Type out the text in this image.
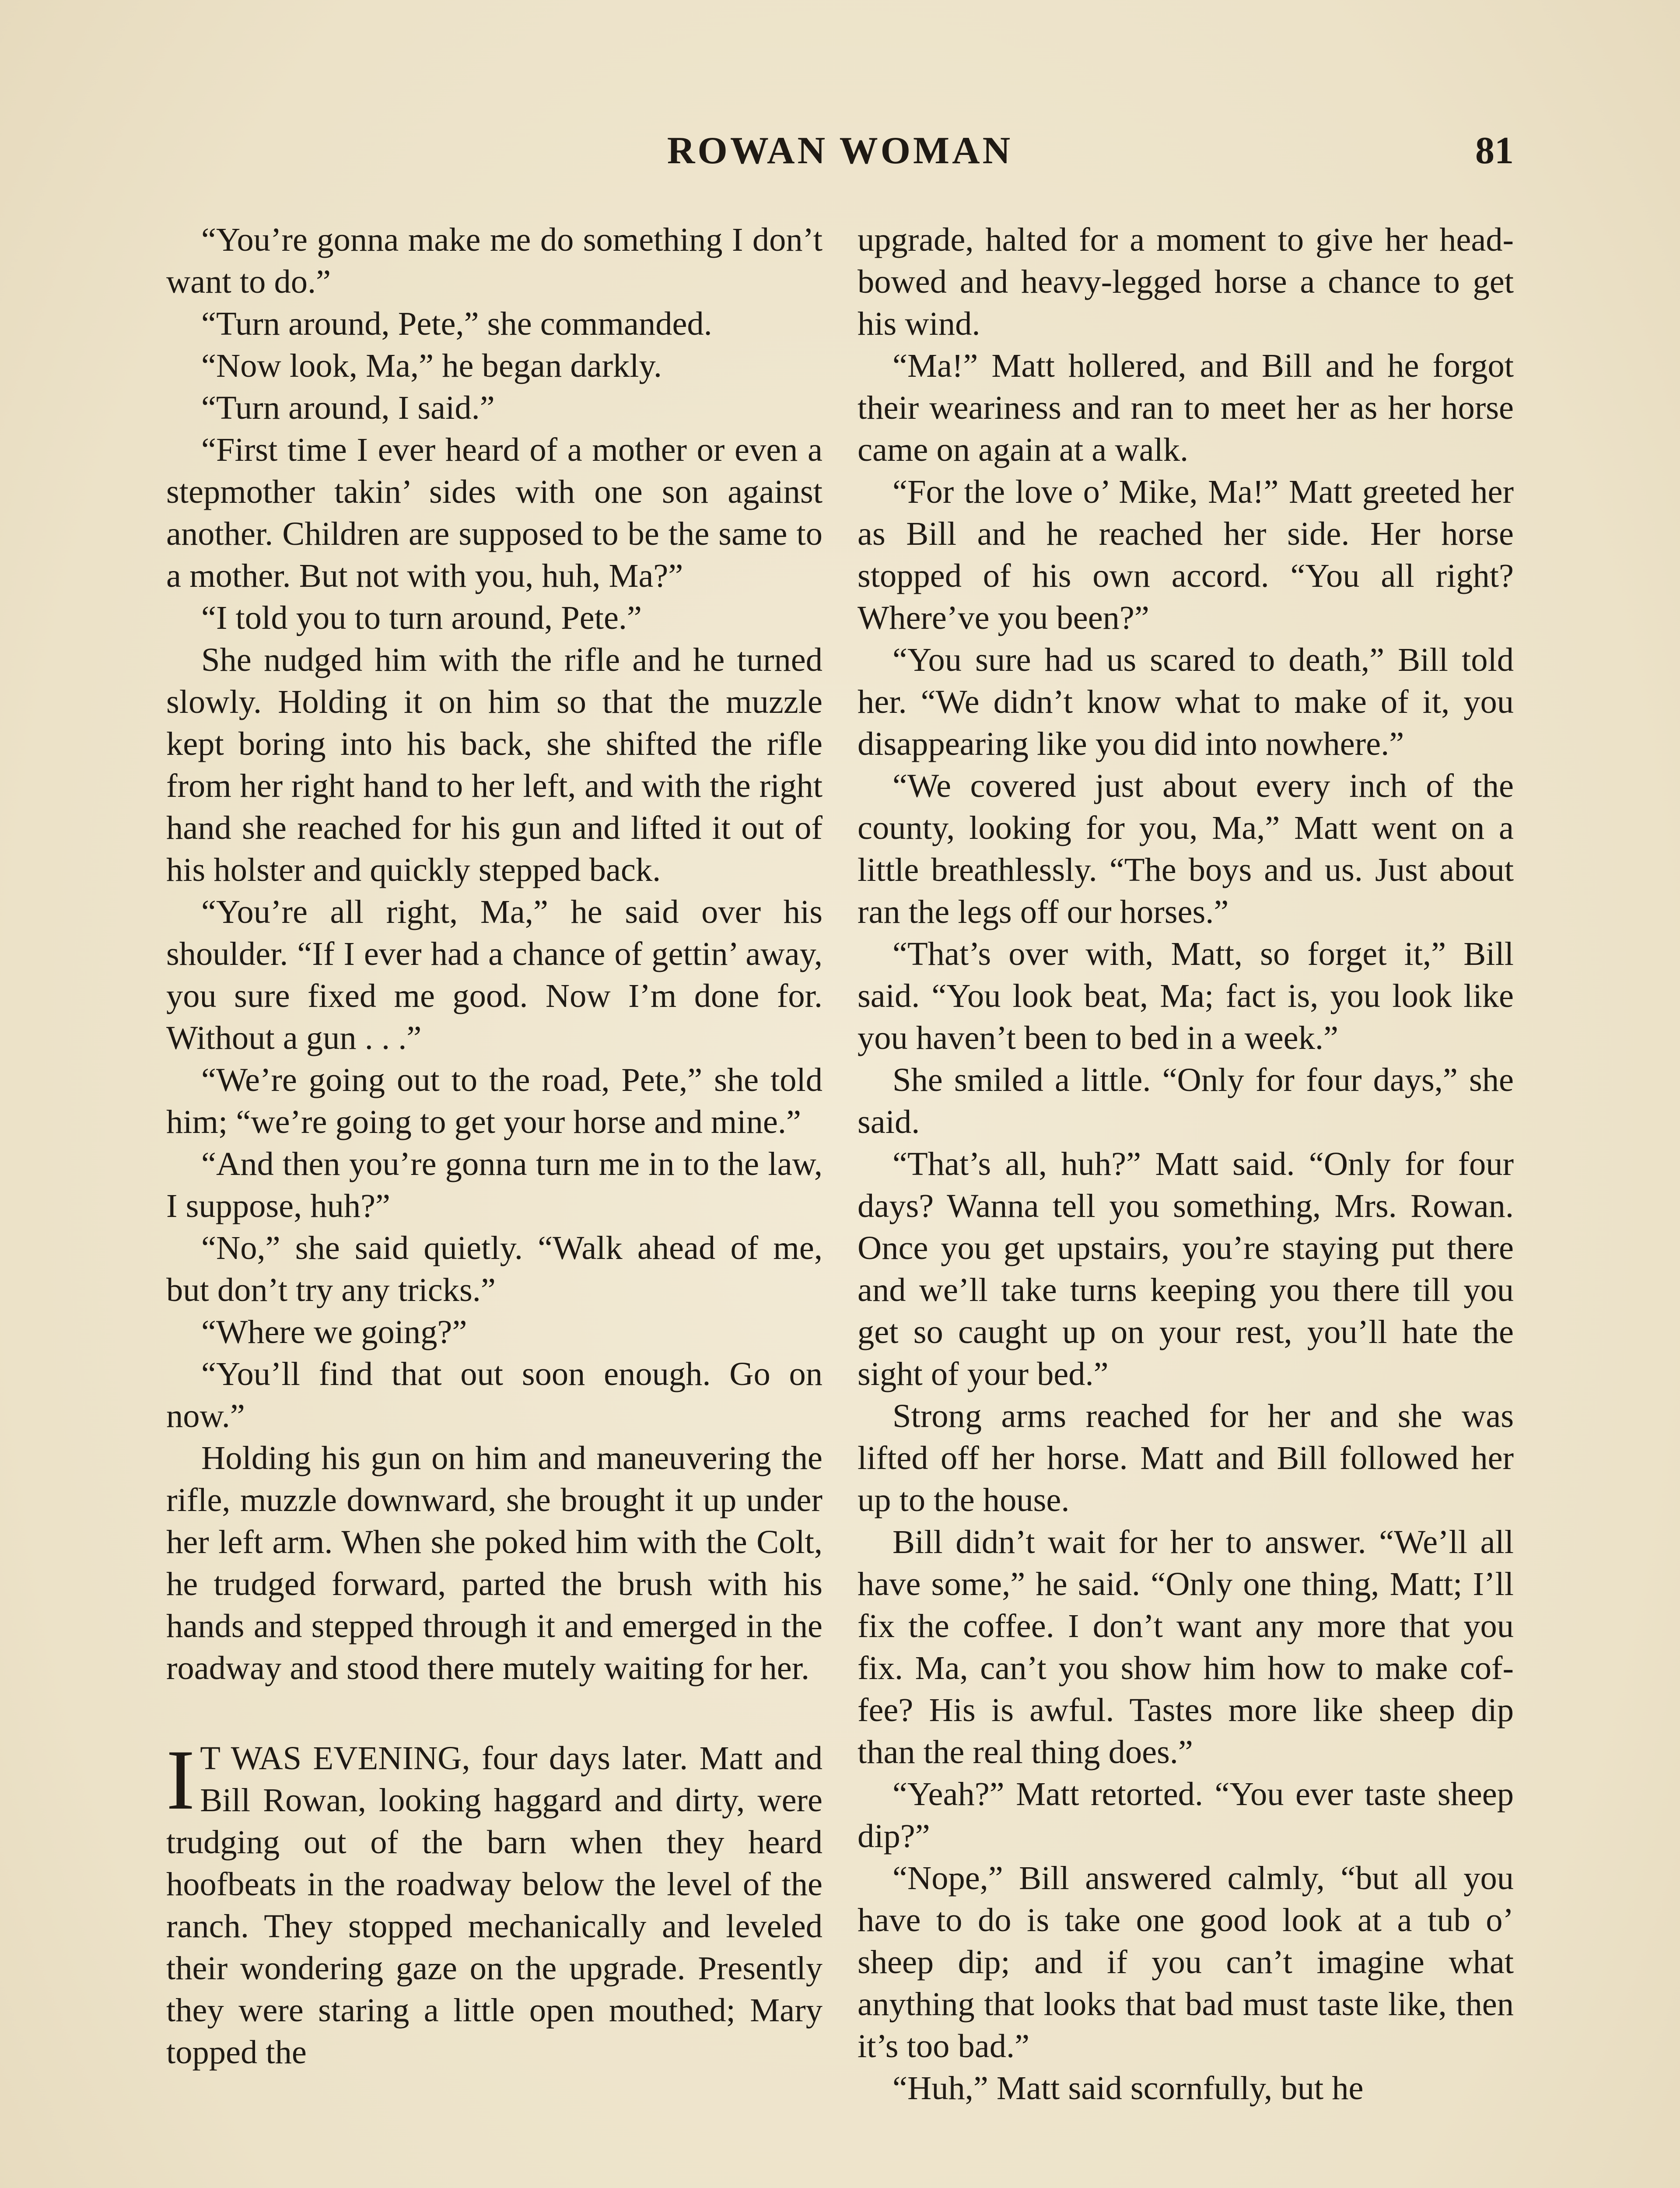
ROWAN WOMAN	81

“You’re gonna make me do something I don’t want to do.”

“Turn around, Pete,” she commanded.

“Now look, Ma,” he began darkly.

“Turn around, I said.”

“First time I ever heard of a mother or even a stepmother takin’ sides with one son against another. Children are supposed to be the same to a mother. But not with you, huh, Ma?”

“I told you to turn around, Pete.”

She nudged him with the rifle and he turned slowly. Holding it on him so that the muzzle kept boring into his back, she shifted the rifle from her right hand to her left, and with the right hand she reached for his gun and lifted it out of his holster and quickly stepped back.

“You’re all right, Ma,” he said over his shoulder. “If I ever had a chance of gettin’ away, you sure fixed me good. Now I’m done for. Without a gun . . .”

“We’re going out to the road, Pete,” she told him; “we’re going to get your horse and mine.”

“And then you’re gonna turn me in to the law, I suppose, huh?”

“No,” she said quietly. “Walk ahead of me, but don’t try any tricks.”

“Where we going?”

“You’ll find that out soon enough. Go on now.”

Holding his gun on him and maneuvering the rifle, muzzle downward, she brought it up under her left arm. When she poked him with the Colt, he trudged forward, parted the brush with his hands and stepped through it and emerged in the roadway and stood there mutely waiting for her.

I T WAS EVENING, four days later. Matt and Bill Rowan, looking haggard and dirty, were trudging out of the barn when they heard hoofbeats in the roadway below the level of the ranch. They stopped mechanically and leveled their wondering gaze on the upgrade. Presently they were staring a little open mouthed; Mary topped the

upgrade, halted for a moment to give her head-bowed and heavy-legged horse a chance to get his wind.

“Ma!” Matt hollered, and Bill and he forgot their weariness and ran to meet her as her horse came on again at a walk.

“For the love o’ Mike, Ma!” Matt greeted her as Bill and he reached her side. Her horse stopped of his own accord. “You all right? Where’ve you been?”

“You sure had us scared to death,” Bill told her. “We didn’t know what to make of it, you disappearing like you did into nowhere.”

“We covered just about every inch of the county, looking for you, Ma,” Matt went on a little breathlessly. “The boys and us. Just about ran the legs off our horses.”

“That’s over with, Matt, so forget it,” Bill said. “You look beat, Ma; fact is, you look like you haven’t been to bed in a week.”

She smiled a little. “Only for four days,” she said.

“That’s all, huh?” Matt said. “Only for four days? Wanna tell you something, Mrs. Rowan. Once you get upstairs, you’re staying put there and we’ll take turns keeping you there till you get so caught up on your rest, you’ll hate the sight of your bed.”

Strong arms reached for her and she was lifted off her horse. Matt and Bill followed her up to the house.

Bill didn’t wait for her to answer. “We’ll all have some,” he said. “Only one thing, Matt; I’ll fix the coffee. I don’t want any more that you fix. Ma, can’t you show him how to make coffee? His is awful. Tastes more like sheep dip than the real thing does.”

“Yeah?” Matt retorted. “You ever taste sheep dip?”

“Nope,” Bill answered calmly, “but all you have to do is take one good look at a tub o’ sheep dip; and if you can’t imagine what anything that looks that bad must taste like, then it’s too bad.”

“Huh,” Matt said scornfully, but he
